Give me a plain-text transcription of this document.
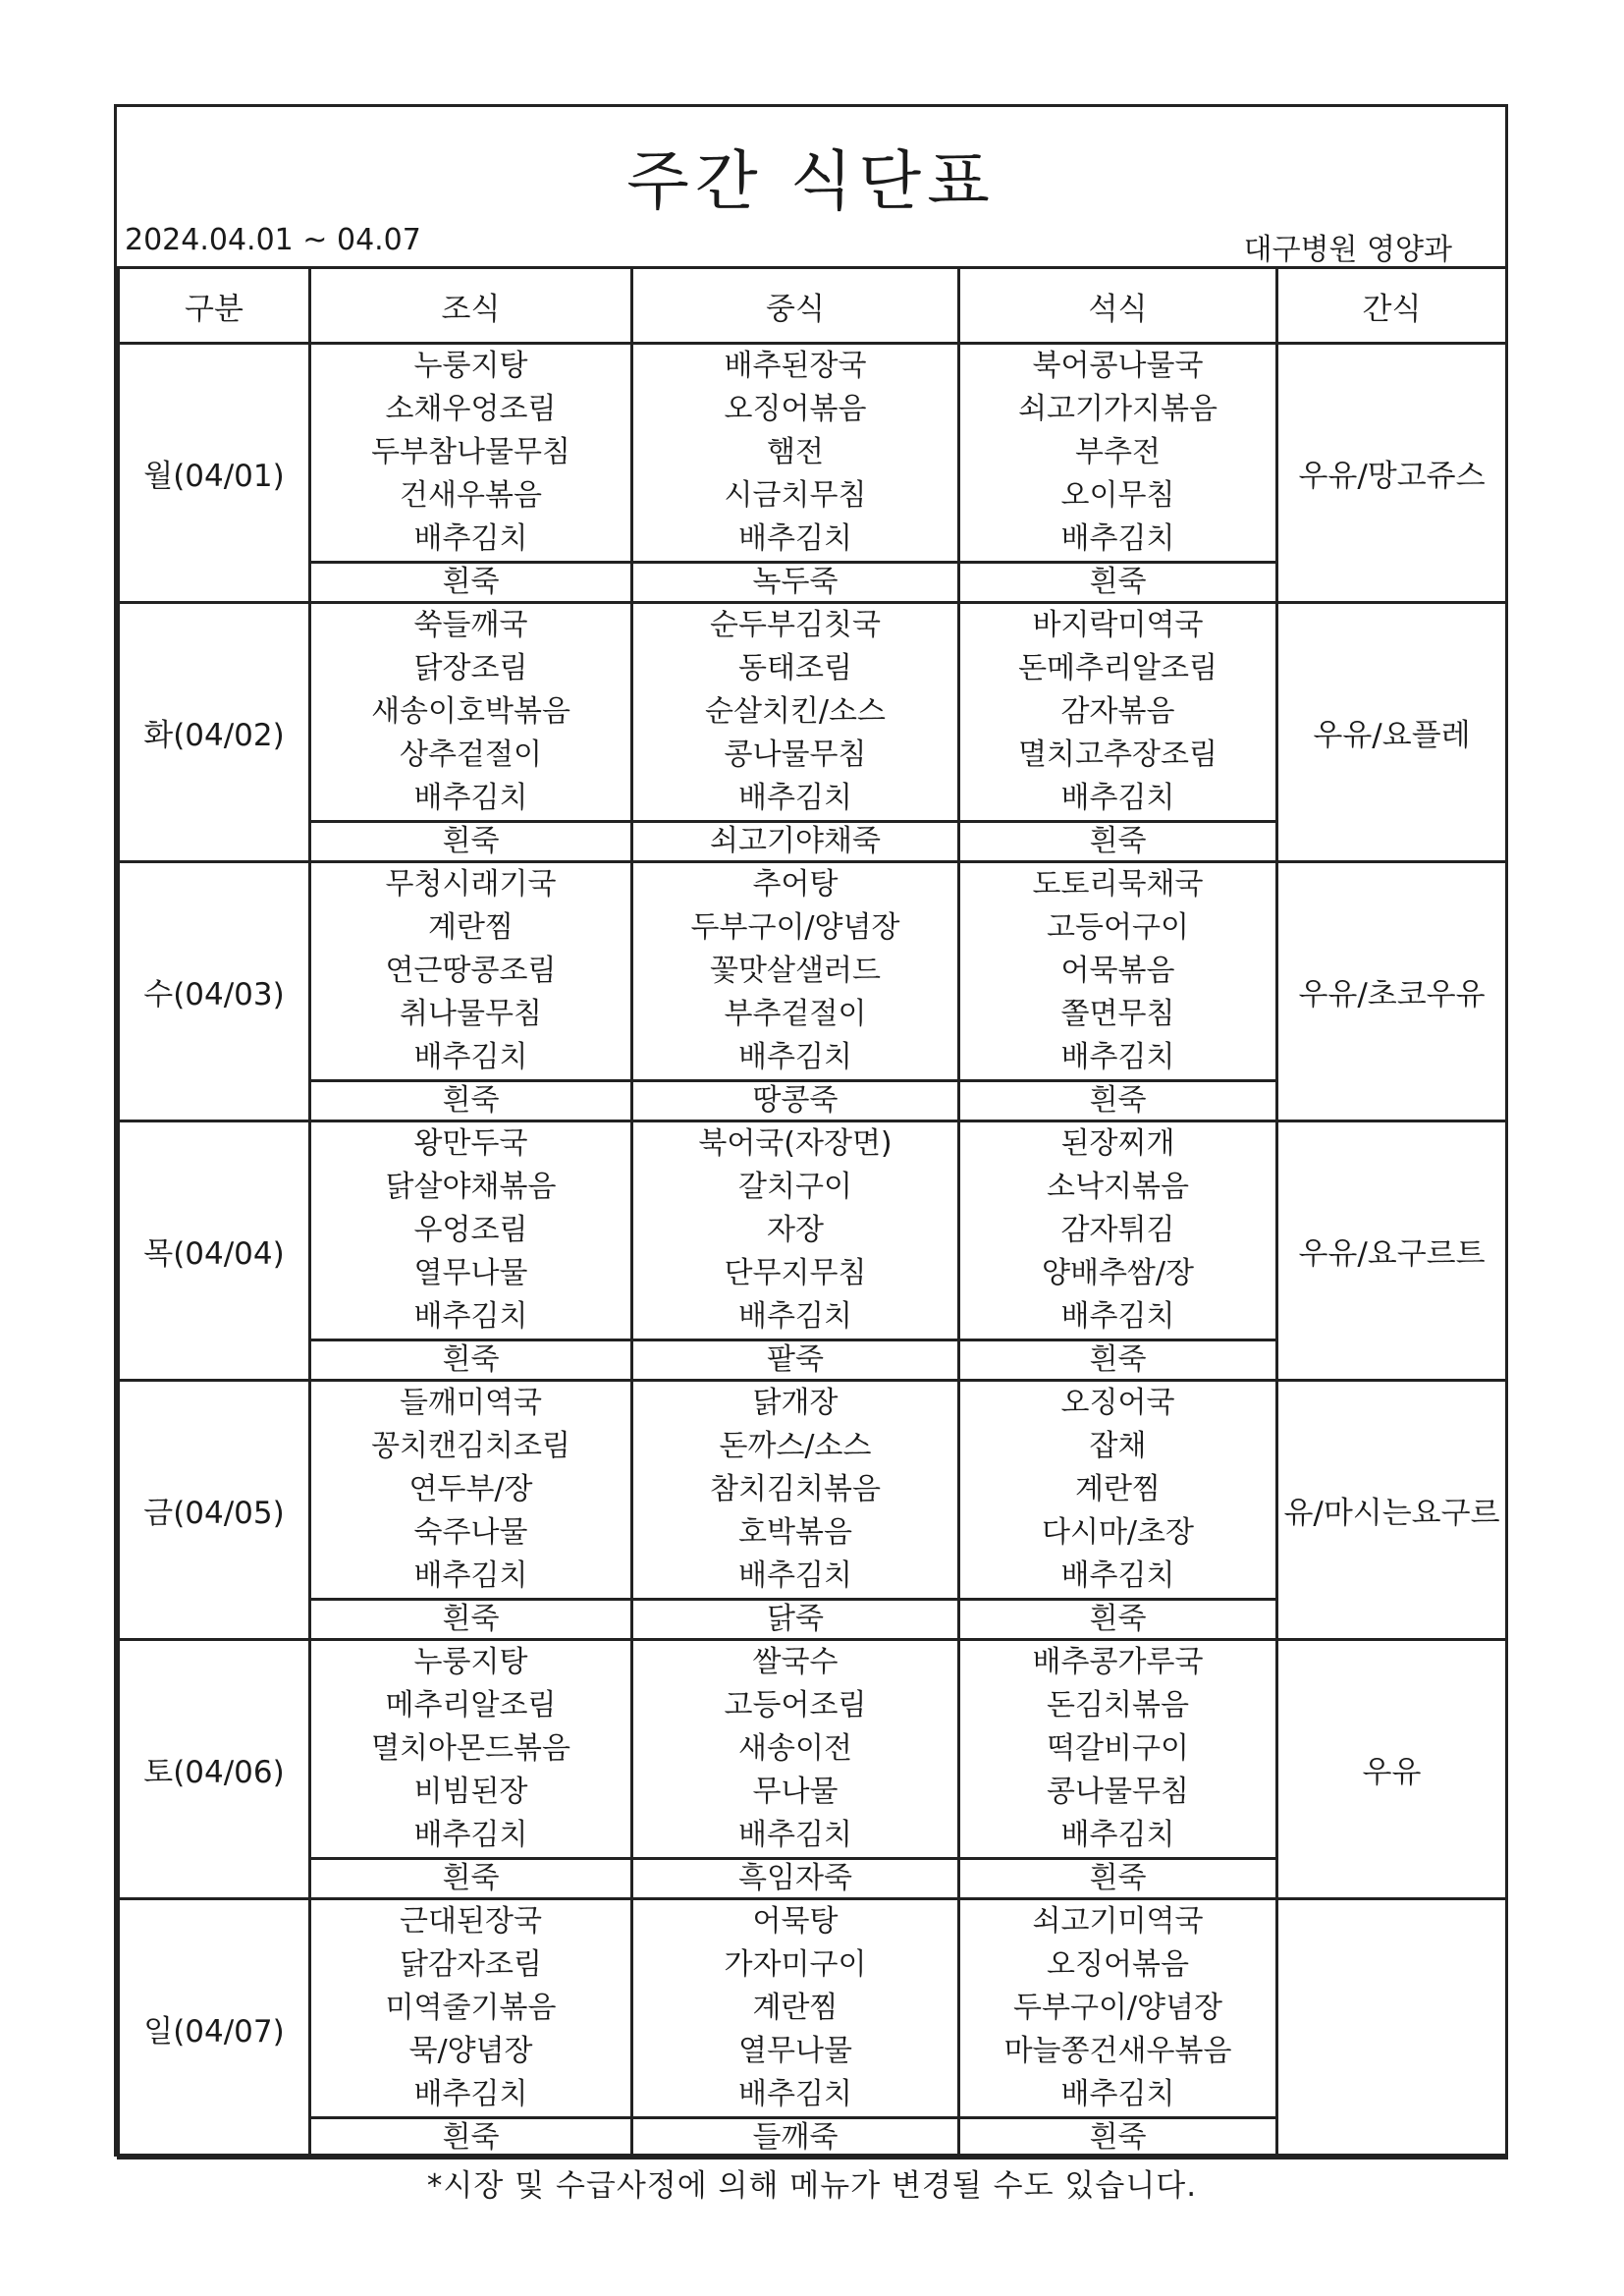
주간 식단표
2024.04.01 ~ 04.07	대구병원 영양과
구분	조식	중식	석식	간식
월(04/01)	누룽지탕
소채우엉조림
두부참나물무침
건새우볶음
배추김치	배추된장국
오징어볶음
햄전
시금치무침
배추김치	북어콩나물국
쇠고기가지볶음
부추전
오이무침
배추김치	우유/망고쥬스
	흰죽	녹두죽	흰죽	
화(04/02)	쑥들깨국
닭장조림
새송이호박볶음
상추겉절이
배추김치	순두부김칫국
동태조림
순살치킨/소스
콩나물무침
배추김치	바지락미역국
돈메추리알조림
감자볶음
멸치고추장조림
배추김치	우유/요플레
	흰죽	쇠고기야채죽	흰죽	
수(04/03)	무청시래기국
계란찜
연근땅콩조림
취나물무침
배추김치	추어탕
두부구이/양념장
꽃맛살샐러드
부추겉절이
배추김치	도토리묵채국
고등어구이
어묵볶음
쫄면무침
배추김치	우유/초코우유
	흰죽	땅콩죽	흰죽	
목(04/04)	왕만두국
닭살야채볶음
우엉조림
열무나물
배추김치	북어국(자장면)
갈치구이
자장
단무지무침
배추김치	된장찌개
소낙지볶음
감자튀김
양배추쌈/장
배추김치	우유/요구르트
	흰죽	팥죽	흰죽	
금(04/05)	들깨미역국
꽁치캔김치조림
연두부/장
숙주나물
배추김치	닭개장
돈까스/소스
참치김치볶음
호박볶음
배추김치	오징어국
잡채
계란찜
다시마/초장
배추김치	유/마시는요구르
	흰죽	닭죽	흰죽	
토(04/06)	누룽지탕
메추리알조림
멸치아몬드볶음
비빔된장
배추김치	쌀국수
고등어조림
새송이전
무나물
배추김치	배추콩가루국
돈김치볶음
떡갈비구이
콩나물무침
배추김치	우유
	흰죽	흑임자죽	흰죽	
일(04/07)	근대된장국
닭감자조림
미역줄기볶음
묵/양념장
배추김치	어묵탕
가자미구이
계란찜
열무나물
배추김치	쇠고기미역국
오징어볶음
두부구이/양념장
마늘쫑건새우볶음
배추김치	

	흰죽	들깨죽	흰죽	
*시장 및 수급사정에 의해 메뉴가 변경될 수도 있습니다.
